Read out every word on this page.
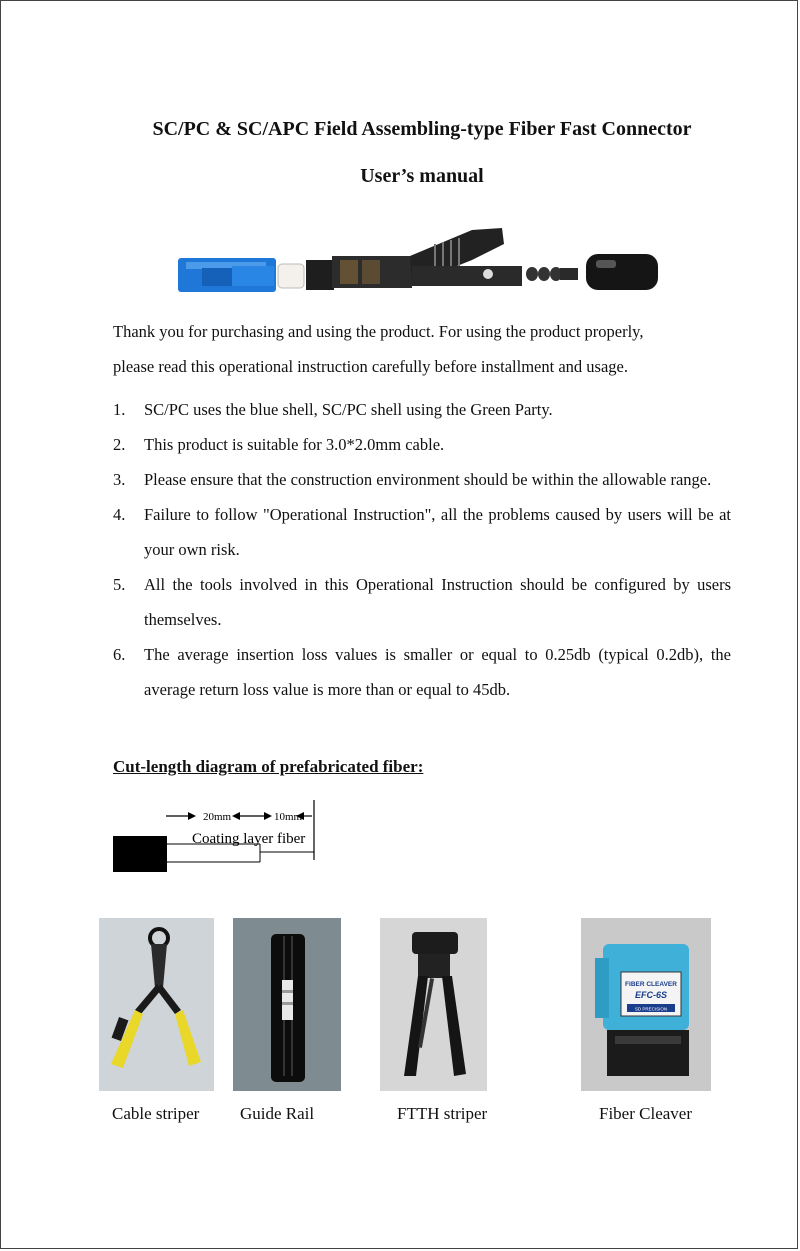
SC/PC & SC/APC Field Assembling-type Fiber Fast Connector
User’s manual
Thank you for purchasing and using the product. For using the product properly,
please read this operational instruction carefully before installment and usage.
1.	SC/PC uses the blue shell, SC/PC shell using the Green Party.
2.	This product is suitable for 3.0*2.0mm cable.
3.	Please ensure that the construction environment should be within the allowable range.
4.	Failure to follow "Operational Instruction", all the problems caused by users will be at your own risk.
5.	All the tools involved in this Operational Instruction should be configured by users themselves.
6.	The average insertion loss values is smaller or equal to 0.25db (typical 0.2db), the average return loss value is more than or equal to 45db.
Cut-length diagram of prefabricated fiber:
20mm	10mm
Coating layer fiber
FIBER CLEAVER
EFC-6S
SD PRECISION
Cable striper Guide Rail	FTTH striper	Fiber Cleaver
